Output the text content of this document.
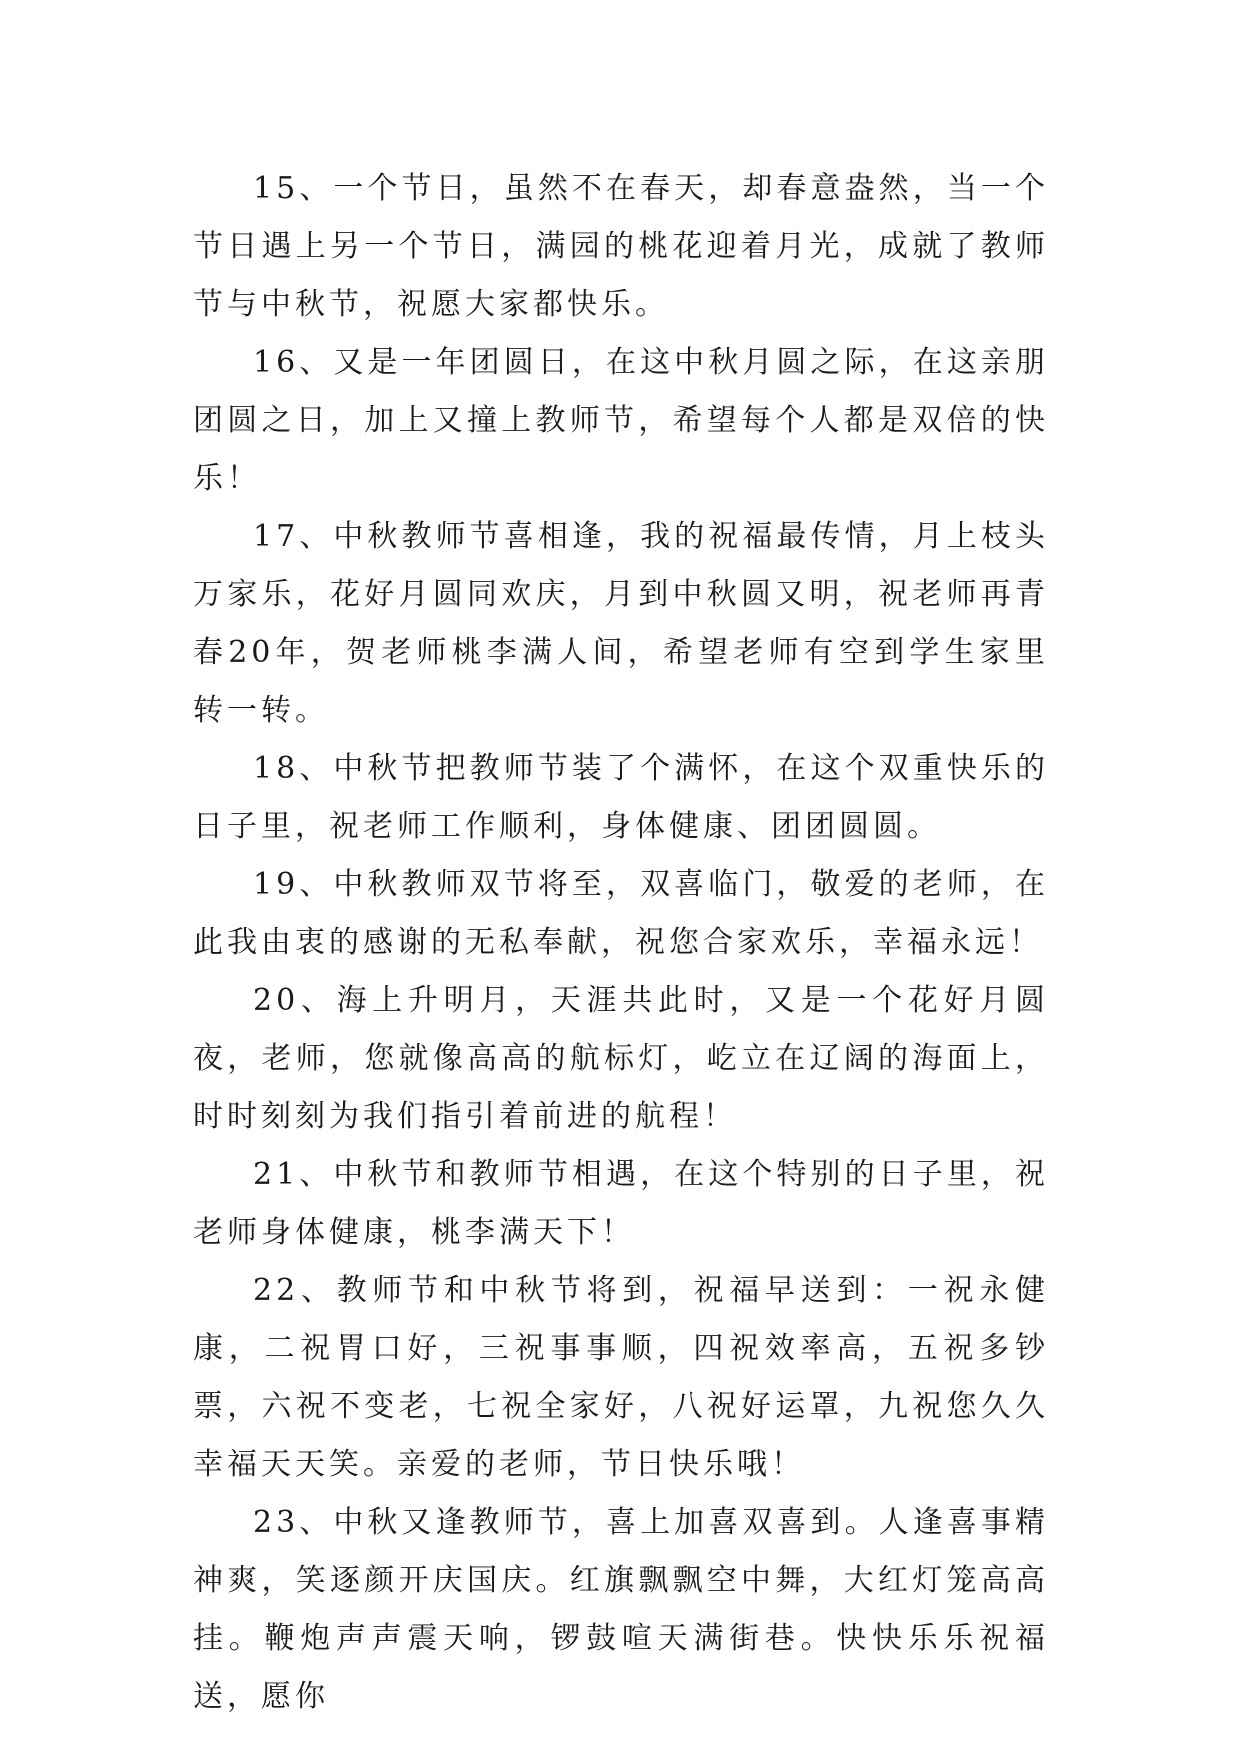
15、一个节日，虽然不在春天，却春意盎然，当一个节日遇上另一个节日，满园的桃花迎着月光，成就了教师节与中秋节，祝愿大家都快乐。

16、又是一年团圆日，在这中秋月圆之际，在这亲朋团圆之日，加上又撞上教师节，希望每个人都是双倍的快乐！

17、中秋教师节喜相逢，我的祝福最传情，月上枝头万家乐，花好月圆同欢庆，月到中秋圆又明，祝老师再青春20年，贺老师桃李满人间，希望老师有空到学生家里转一转。

18、中秋节把教师节装了个满怀，在这个双重快乐的日子里，祝老师工作顺利，身体健康、团团圆圆。

19、中秋教师双节将至，双喜临门，敬爱的老师，在此我由衷的感谢的无私奉献，祝您合家欢乐，幸福永远！

20、海上升明月，天涯共此时，又是一个花好月圆夜，老师，您就像高高的航标灯，屹立在辽阔的海面上，时时刻刻为我们指引着前进的航程！

21、中秋节和教师节相遇，在这个特别的日子里，祝老师身体健康，桃李满天下！

22、教师节和中秋节将到，祝福早送到：一祝永健康，二祝胃口好，三祝事事顺，四祝效率高，五祝多钞票，六祝不变老，七祝全家好，八祝好运罩，九祝您久久幸福天天笑。亲爱的老师，节日快乐哦！

23、中秋又逢教师节，喜上加喜双喜到。人逢喜事精神爽，笑逐颜开庆国庆。红旗飘飘空中舞，大红灯笼高高挂。鞭炮声声震天响，锣鼓喧天满街巷。快快乐乐祝福送，愿你
